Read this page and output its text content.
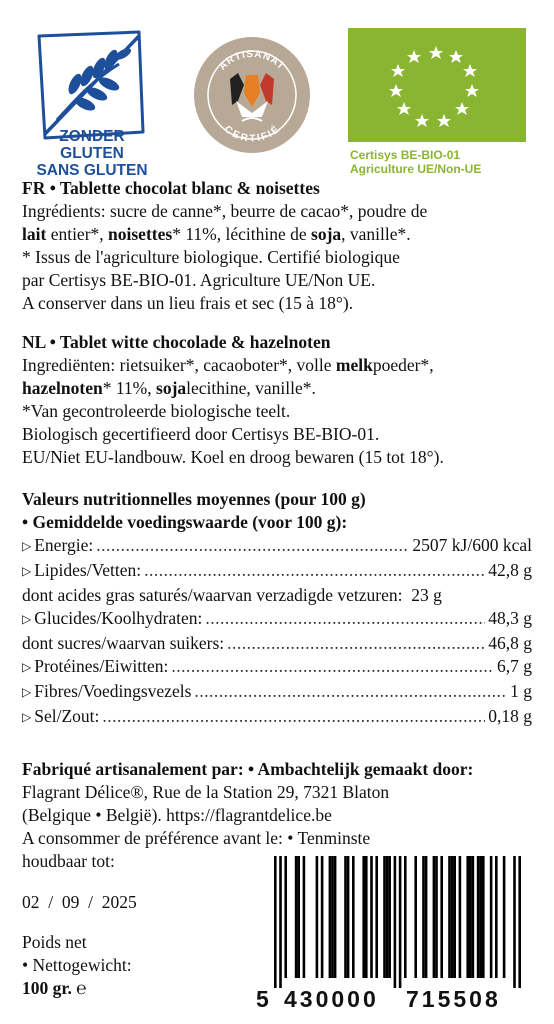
ZONDER GLUTEN
SANS GLUTEN
ARTISANAT
CERTIFIÉ
Certisys BE-BIO-01
Agriculture UE/Non-UE
FR • Tablette chocolat blanc & noisettes
Ingrédients: sucre de canne*, beurre de cacao*, poudre de
lait entier*, noisettes* 11%, lécithine de soja, vanille*.
* Issus de l'agriculture biologique. Certifié biologique
par Certisys BE-BIO-01. Agriculture UE/Non UE.
A conserver dans un lieu frais et sec (15 à 18°).
NL • Tablet witte chocolade & hazelnoten
Ingrediënten: rietsuiker*, cacaoboter*, volle melkpoeder*,
hazelnoten* 11%, sojalecithine, vanille*.
*Van gecontroleerde biologische teelt.
Biologisch gecertifieerd door Certisys BE-BIO-01.
EU/Niet EU-landbouw. Koel en droog bewaren (15 tot 18°).
Valeurs nutritionnelles moyennes (pour 100 g)
• Gemiddelde voedingswaarde (voor 100 g):
▷ Energie: .....	2507 kJ/600 kcal
▷ Lipides/Vetten: .....	42,8 g
dont acides gras saturés/waarvan verzadigde vetzuren:  23 g
▷ Glucides/Koolhydraten: .....	48,3 g
dont sucres/waarvan suikers: .....	46,8 g
▷ Protéines/Eiwitten: .....	6,7 g
▷ Fibres/Voedingsvezels .....	1 g
▷ Sel/Zout: .....	0,18 g
Fabriqué artisanalement par: • Ambachtelijk gemaakt door:
Flagrant Délice®, Rue de la Station 29, 7321 Blaton
(Belgique • België). https://flagrantdelice.be
A consommer de préférence avant le: • Tenminste
houdbaar tot:
02  /  09  /  2025
Poids net
• Nettogewicht:
100 gr. ℮	5 430000 715508
